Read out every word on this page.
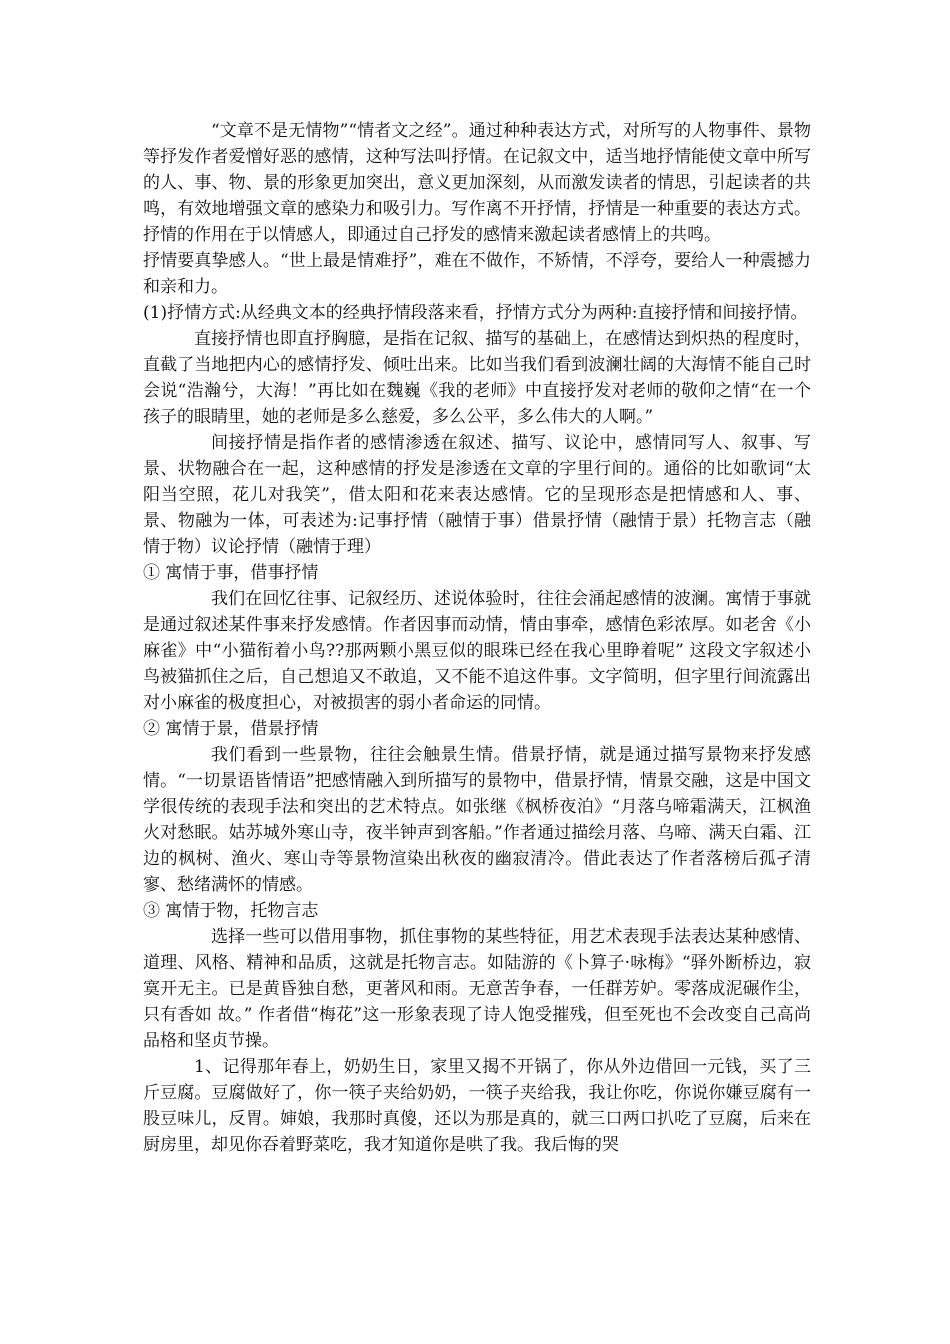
“文章不是无情物”“情者文之经”。通过种种表达方式，对所写的人物事件、景物等抒发作者爱憎好恶的感情，这种写法叫抒情。在记叙文中，适当地抒情能使文章中所写的人、事、物、景的形象更加突出，意义更加深刻，从而激发读者的情思，引起读者的共鸣，有效地增强文章的感染力和吸引力。写作离不开抒情，抒情是一种重要的表达方式。抒情的作用在于以情感人，即通过自己抒发的感情来激起读者感情上的共鸣。

抒情要真挚感人。“世上最是情难抒”，难在不做作，不矫情，不浮夸，要给人一种震撼力和亲和力。

(1)抒情方式:从经典文本的经典抒情段落来看，抒情方式分为两种:直接抒情和间接抒情。

直接抒情也即直抒胸臆，是指在记叙、描写的基础上，在感情达到炽热的程度时，直截了当地把内心的感情抒发、倾吐出来。比如当我们看到波澜壮阔的大海情不能自己时会说“浩瀚兮，大海！”再比如在魏巍《我的老师》中直接抒发对老师的敬仰之情“在一个孩子的眼睛里，她的老师是多么慈爱，多么公平，多么伟大的人啊。”

间接抒情是指作者的感情渗透在叙述、描写、议论中，感情同写人、叙事、写景、状物融合在一起，这种感情的抒发是渗透在文章的字里行间的。通俗的比如歌词“太阳当空照，花儿对我笑”，借太阳和花来表达感情。它的呈现形态是把情感和人、事、景、物融为一体，可表述为:记事抒情（融情于事）借景抒情（融情于景）托物言志（融情于物）议论抒情（融情于理）

① 寓情于事，借事抒情

我们在回忆往事、记叙经历、述说体验时，往往会涌起感情的波澜。寓情于事就是通过叙述某件事来抒发感情。作者因事而动情，情由事牵，感情色彩浓厚。如老舍《小麻雀》中“小猫衔着小鸟??那两颗小黑豆似的眼珠已经在我心里睁着呢” 这段文字叙述小鸟被猫抓住之后，自己想追又不敢追，又不能不追这件事。文字简明，但字里行间流露出对小麻雀的极度担心，对被损害的弱小者命运的同情。

② 寓情于景，借景抒情

我们看到一些景物，往往会触景生情。借景抒情，就是通过描写景物来抒发感情。“一切景语皆情语”把感情融入到所描写的景物中，借景抒情，情景交融，这是中国文学很传统的表现手法和突出的艺术特点。如张继《枫桥夜泊》“月落乌啼霜满天，江枫渔火对愁眠。姑苏城外寒山寺，夜半钟声到客船。”作者通过描绘月落、乌啼、满天白霜、江边的枫树、渔火、寒山寺等景物渲染出秋夜的幽寂清冷。借此表达了作者落榜后孤孑清寥、愁绪满怀的情感。

③ 寓情于物，托物言志

选择一些可以借用事物，抓住事物的某些特征，用艺术表现手法表达某种感情、道理、风格、精神和品质，这就是托物言志。如陆游的《卜算子·咏梅》“驿外断桥边，寂寞开无主。已是黄昏独自愁，更著风和雨。无意苦争春，一任群芳妒。零落成泥碾作尘，只有香如 故。” 作者借“梅花”这一形象表现了诗人饱受摧残，但至死也不会改变自己高尚品格和坚贞节操。

1、记得那年春上，奶奶生日，家里又揭不开锅了，你从外边借回一元钱，买了三斤豆腐。豆腐做好了，你一筷子夹给奶奶，一筷子夹给我，我让你吃，你说你嫌豆腐有一股豆味儿，反胃。婶娘，我那时真傻，还以为那是真的，就三口两口扒吃了豆腐，后来在厨房里，却见你吞着野菜吃，我才知道你是哄了我。我后悔的哭
